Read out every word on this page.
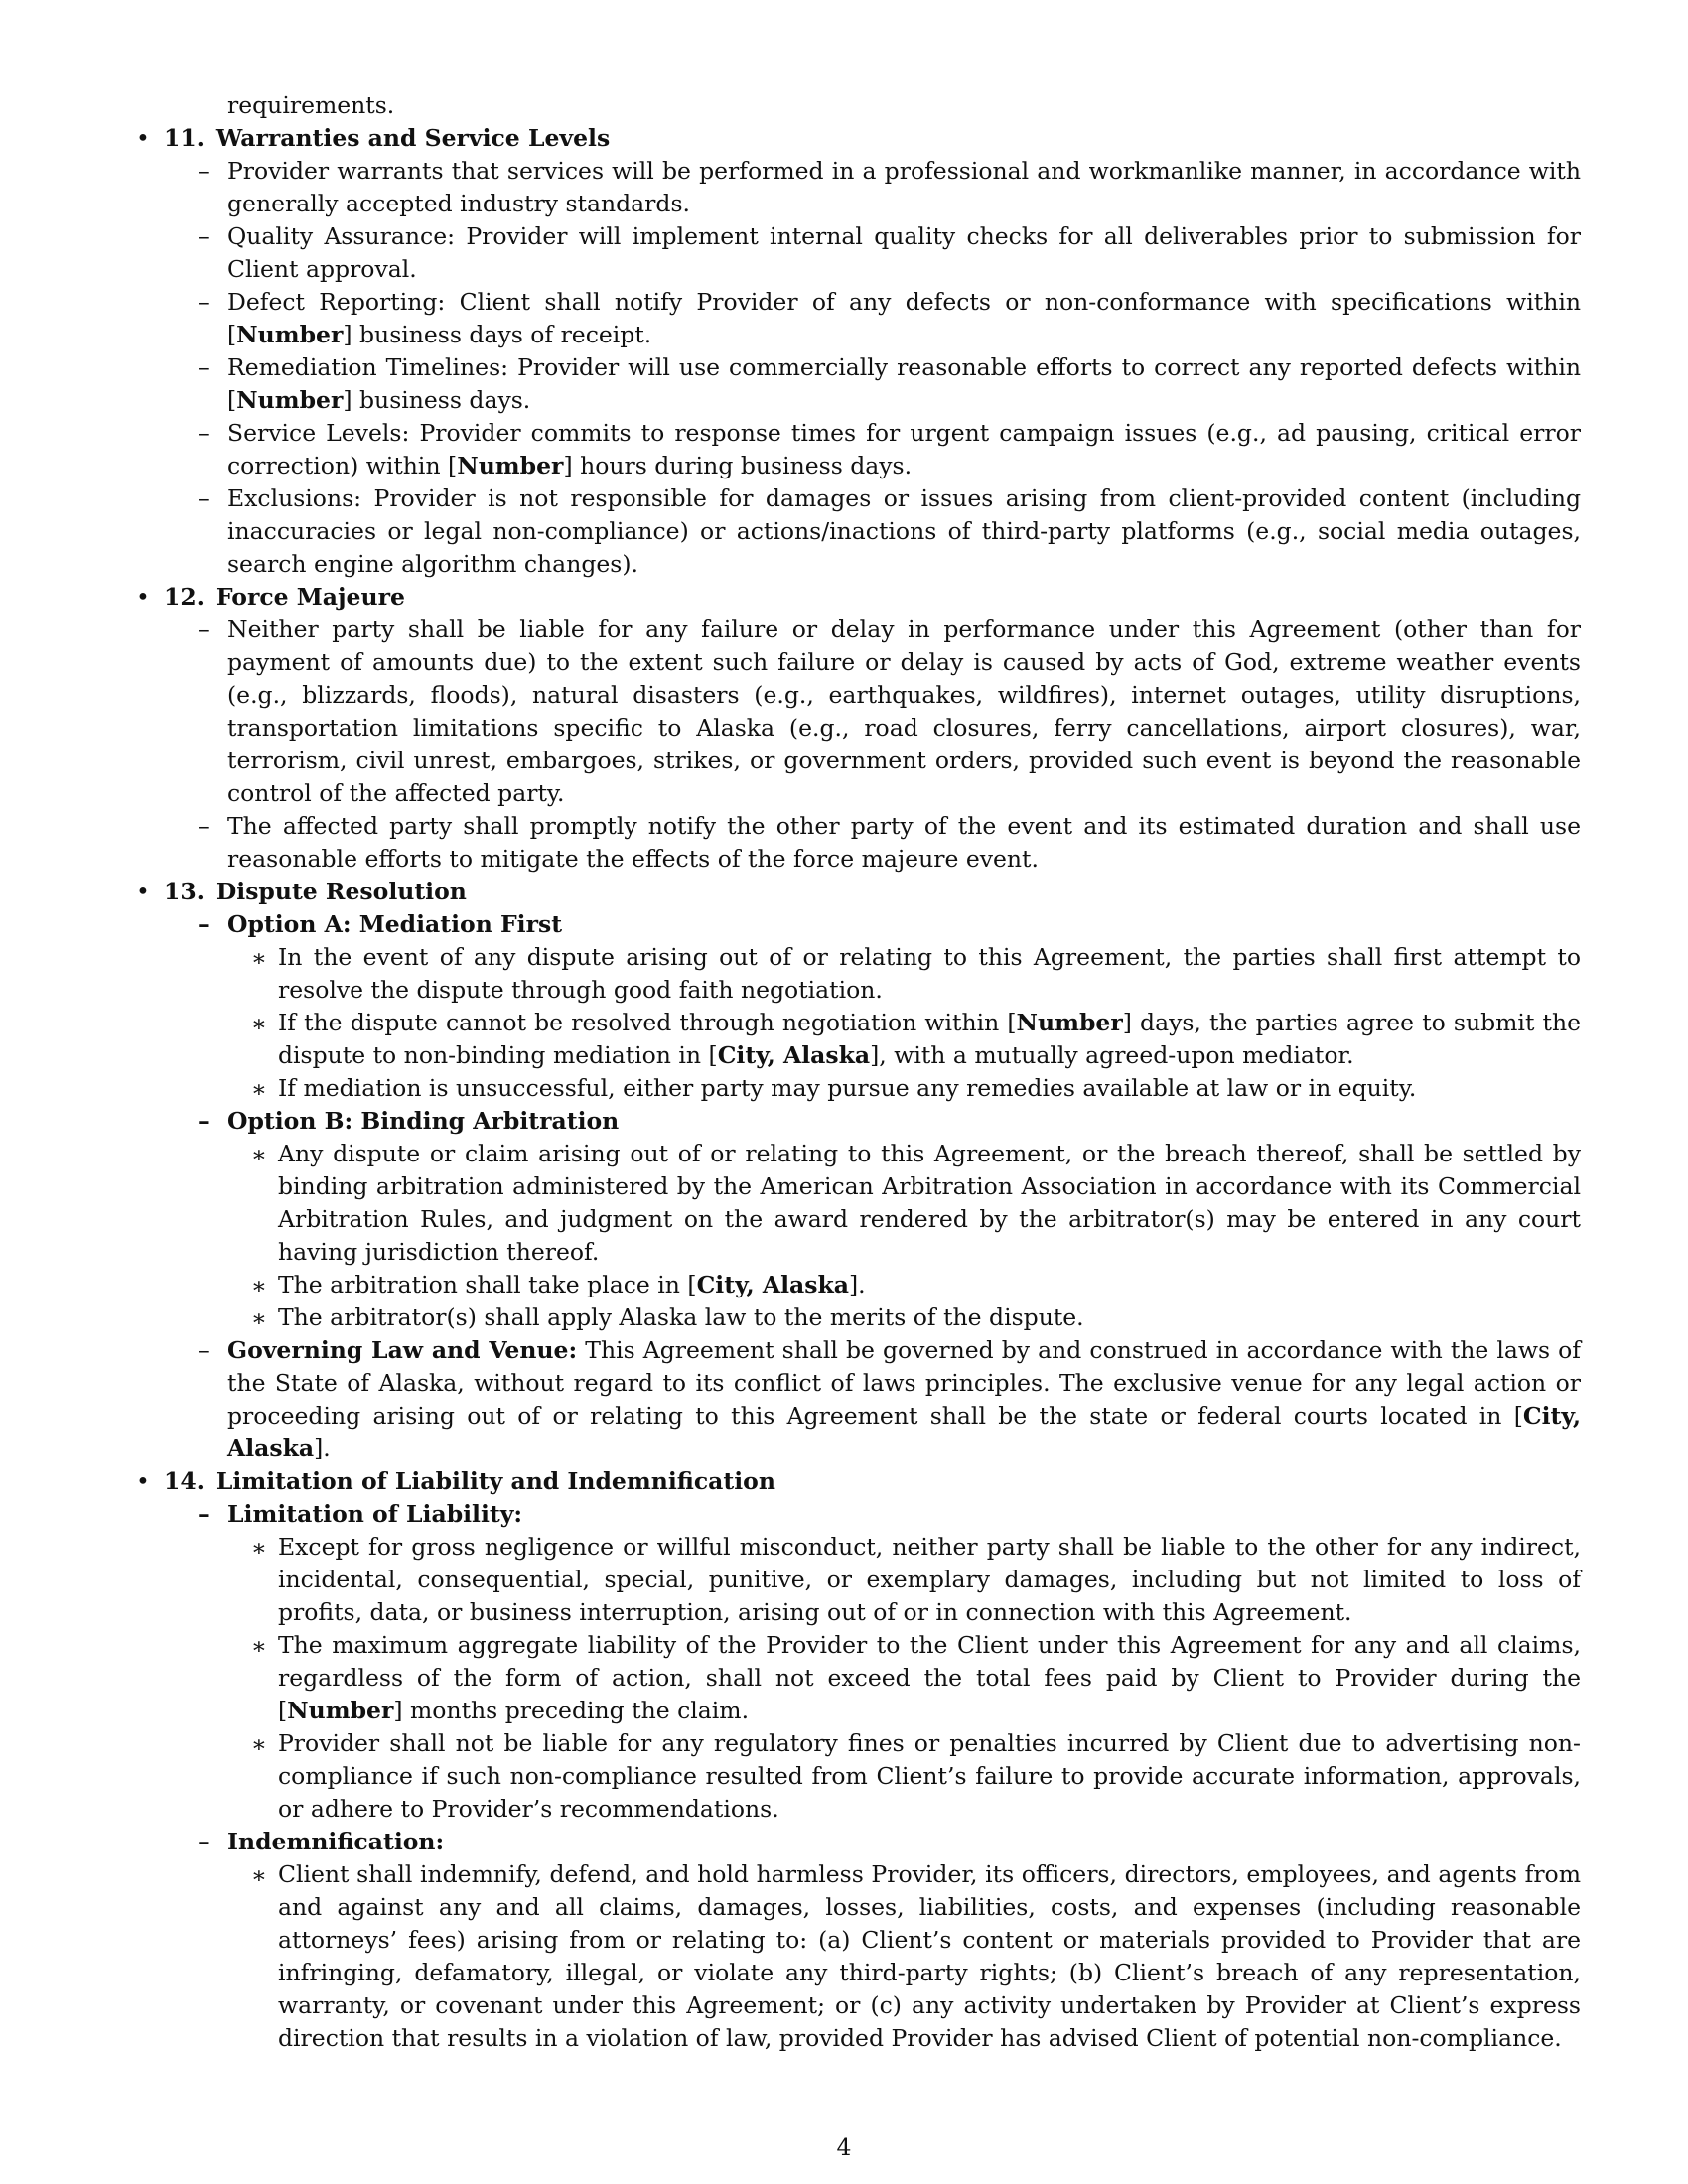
requirements.
• 11. Warranties and Service Levels
– Provider warrants that services will be performed in a professional and workmanlike manner, in accordance with generally accepted industry standards.
– Quality Assurance: Provider will implement internal quality checks for all deliverables prior to submission for Client approval.
– Defect Reporting: Client shall notify Provider of any defects or non-conformance with specifications within [Number] business days of receipt.
– Remediation Timelines: Provider will use commercially reasonable efforts to correct any reported defects within [Number] business days.
– Service Levels: Provider commits to response times for urgent campaign issues (e.g., ad pausing, critical error correction) within [Number] hours during business days.
– Exclusions: Provider is not responsible for damages or issues arising from client-provided content (including inaccuracies or legal non-compliance) or actions/inactions of third-party platforms (e.g., social media outages, search engine algorithm changes).
• 12. Force Majeure
– Neither party shall be liable for any failure or delay in performance under this Agreement (other than for payment of amounts due) to the extent such failure or delay is caused by acts of God, extreme weather events (e.g., blizzards, floods), natural disasters (e.g., earthquakes, wildfires), internet outages, utility disruptions, transportation limitations specific to Alaska (e.g., road closures, ferry cancellations, airport closures), war, terrorism, civil unrest, embargoes, strikes, or government orders, provided such event is beyond the reasonable control of the affected party.
– The affected party shall promptly notify the other party of the event and its estimated duration and shall use reasonable efforts to mitigate the effects of the force majeure event.
• 13. Dispute Resolution
– Option A: Mediation First
∗ In the event of any dispute arising out of or relating to this Agreement, the parties shall first attempt to resolve the dispute through good faith negotiation.
∗ If the dispute cannot be resolved through negotiation within [Number] days, the parties agree to submit the dispute to non-binding mediation in [City, Alaska], with a mutually agreed-upon mediator.
∗ If mediation is unsuccessful, either party may pursue any remedies available at law or in equity.
– Option B: Binding Arbitration
∗ Any dispute or claim arising out of or relating to this Agreement, or the breach thereof, shall be settled by binding arbitration administered by the American Arbitration Association in accordance with its Commercial Arbitration Rules, and judgment on the award rendered by the arbitrator(s) may be entered in any court having jurisdiction thereof.
∗ The arbitration shall take place in [City, Alaska].
∗ The arbitrator(s) shall apply Alaska law to the merits of the dispute.
– Governing Law and Venue: This Agreement shall be governed by and construed in accordance with the laws of the State of Alaska, without regard to its conflict of laws principles. The exclusive venue for any legal action or proceeding arising out of or relating to this Agreement shall be the state or federal courts located in [City, Alaska].
• 14. Limitation of Liability and Indemnification
– Limitation of Liability:
∗ Except for gross negligence or willful misconduct, neither party shall be liable to the other for any indirect, incidental, consequential, special, punitive, or exemplary damages, including but not limited to loss of profits, data, or business interruption, arising out of or in connection with this Agreement.
∗ The maximum aggregate liability of the Provider to the Client under this Agreement for any and all claims, regardless of the form of action, shall not exceed the total fees paid by Client to Provider during the [Number] months preceding the claim.
∗ Provider shall not be liable for any regulatory fines or penalties incurred by Client due to advertising non-compliance if such non-compliance resulted from Client’s failure to provide accurate information, approvals, or adhere to Provider’s recommendations.
– Indemnification:
∗ Client shall indemnify, defend, and hold harmless Provider, its officers, directors, employees, and agents from and against any and all claims, damages, losses, liabilities, costs, and expenses (including reasonable attorneys’ fees) arising from or relating to: (a) Client’s content or materials provided to Provider that are infringing, defamatory, illegal, or violate any third-party rights; (b) Client’s breach of any representation, warranty, or covenant under this Agreement; or (c) any activity undertaken by Provider at Client’s express direction that results in a violation of law, provided Provider has advised Client of potential non-compliance.
4
